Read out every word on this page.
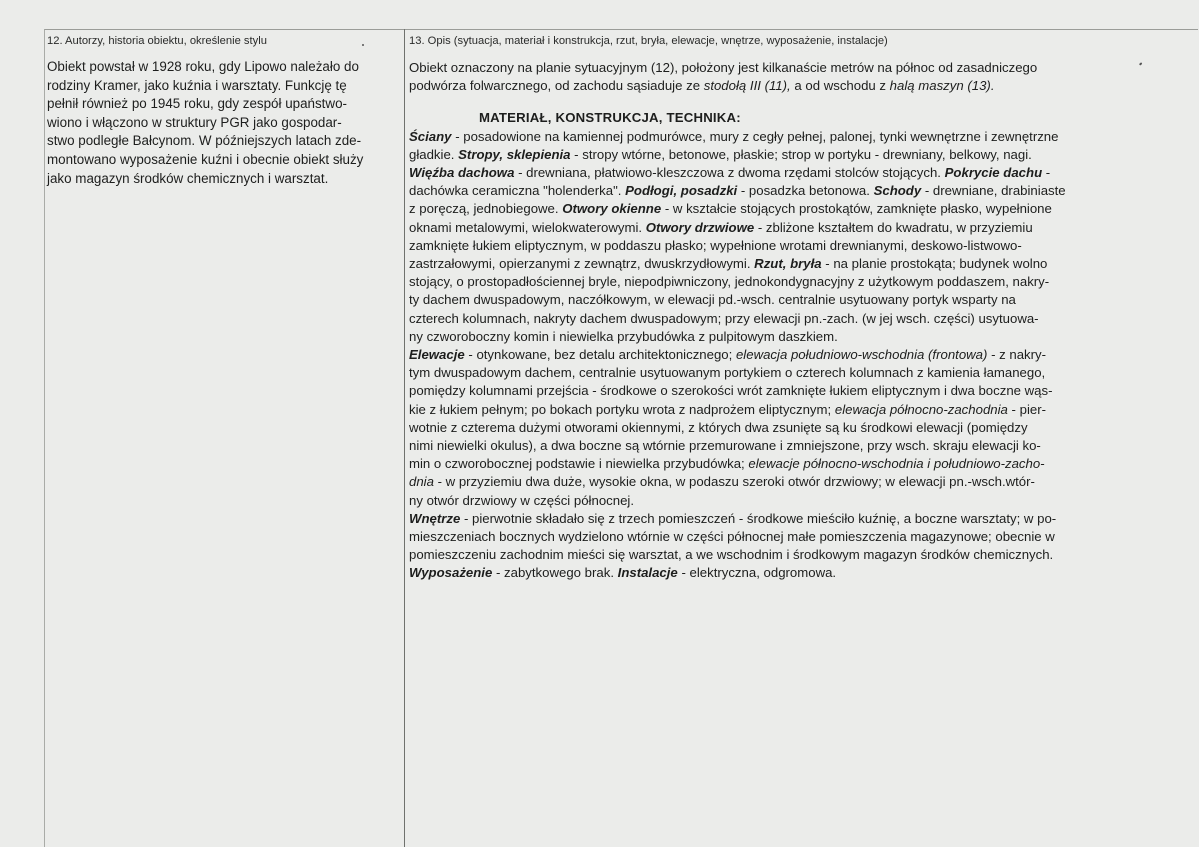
12. Autorzy, historia obiektu, określenie stylu

Obiekt powstał w 1928 roku, gdy Lipowo należało do
rodziny Kramer, jako kuźnia i warsztaty. Funkcję tę
pełnił również po 1945 roku, gdy zespół upaństwo-
wiono i włączono w struktury PGR jako gospodar-
stwo podległe Bałcynom. W późniejszych latach zde-
montowano wyposażenie kuźni i obecnie obiekt służy
jako magazyn środków chemicznych i warsztat.

13. Opis (sytuacja, materiał i konstrukcja, rzut, bryła, elewacje, wnętrze, wyposażenie, instalacje)

Obiekt oznaczony na planie sytuacyjnym (12), położony jest kilkanaście metrów na północ od zasadniczego
podwórza folwarcznego, od zachodu sąsiaduje ze stodołą III (11), a od wschodu z halą maszyn (13).

MATERIAŁ, KONSTRUKCJA, TECHNIKA:

Ściany - posadowione na kamiennej podmurówce, mury z cegły pełnej, palonej, tynki wewnętrzne i zewnętrzne
gładkie. Stropy, sklepienia - stropy wtórne, betonowe, płaskie; strop w portyku - drewniany, belkowy, nagi.
Więźba dachowa - drewniana, płatwiowo-kleszczowa z dwoma rzędami stolców stojących. Pokrycie dachu -
dachówka ceramiczna "holenderka". Podłogi, posadzki - posadzka betonowa. Schody - drewniane, drabiniaste
z poręczą, jednobiegowe. Otwory okienne - w kształcie stojących prostokątów, zamknięte płasko, wypełnione
oknami metalowymi, wielokwaterowymi. Otwory drzwiowe - zbliżone kształtem do kwadratu, w przyziemiu
zamknięte łukiem eliptycznym, w poddaszu płasko; wypełnione wrotami drewnianymi, deskowo-listwowo-
zastrzałowymi, opierzanymi z zewnątrz, dwuskrzydłowymi. Rzut, bryła - na planie prostokąta; budynek wolno
stojący, o prostopadłościennej bryle, niepodpiwniczony, jednokondygnacyjny z użytkowym poddaszem, nakry-
ty dachem dwuspadowym, naczółkowym, w elewacji pd.-wsch. centralnie usytuowany portyk wsparty na
czterech kolumnach, nakryty dachem dwuspadowym; przy elewacji pn.-zach. (w jej wsch. części) usytuowa-
ny czworoboczny komin i niewielka przybudówka z pulpitowym daszkiem.
Elewacje - otynkowane, bez detalu architektonicznego; elewacja południowo-wschodnia (frontowa) - z nakry-
tym dwuspadowym dachem, centralnie usytuowanym portykiem o czterech kolumnach z kamienia łamanego,
pomiędzy kolumnami przejścia - środkowe o szerokości wrót zamknięte łukiem eliptycznym i dwa boczne wąs-
kie z łukiem pełnym; po bokach portyku wrota z nadprożem eliptycznym; elewacja północno-zachodnia - pier-
wotnie z czterema dużymi otworami okiennymi, z których dwa zsunięte są ku środkowi elewacji (pomiędzy
nimi niewielki okulus), a dwa boczne są wtórnie przemurowane i zmniejszone, przy wsch. skraju elewacji ko-
min o czworobocznej podstawie i niewielka przybudówka; elewacje północno-wschodnia i południowo-zacho-
dnia - w przyziemiu dwa duże, wysokie okna, w podaszu szeroki otwór drzwiowy; w elewacji pn.-wsch.wtór-
ny otwór drzwiowy w części północnej.
Wnętrze - pierwotnie składało się z trzech pomieszczeń - środkowe mieściło kuźnię, a boczne warsztaty; w po-
mieszczeniach bocznych wydzielono wtórnie w części północnej małe pomieszczenia magazynowe; obecnie w
pomieszczeniu zachodnim mieści się warsztat, a we wschodnim i środkowym magazyn środków chemicznych.
Wyposażenie - zabytkowego brak. Instalacje - elektryczna, odgromowa.
